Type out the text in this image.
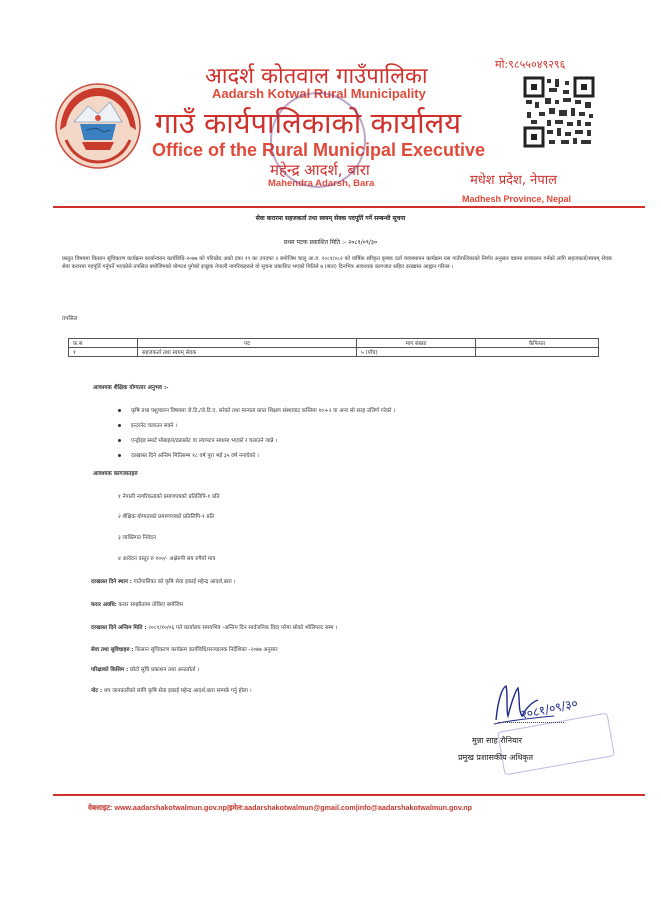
आदर्श कोतवाल गाउँपालिका
Aadarsh Kotwal Rural Municipality
गाउँ कार्यपालिकाको कार्यालय
Office of the Rural Municipal Executive
महेन्द्र आदर्श, बारा
Mahendra Adarsh, Bara
मो:९८५५०४९२९६
मधेश प्रदेश, नेपाल
Madhesh Province, Nepal
सेवा करारमा सहजकर्ता तथा स्वयम् सेवक पदपूर्ति गर्ने सम्बन्धी सूचना
प्रथम पटक प्रकाशित मिति :- २०८१/०९/३०
प्रस्तुत विषयमा किसान सूचिकरण कार्यक्रम कार्यान्वयन कार्यविधि-२०७७ को परिच्छेद अको दफा १९ का उपदफा २ बमोजिम चालु आ.व. २०८१/०८२ को वार्षिक स्वीकृत कृषक दर्ता व्यवस्थापन कार्यक्रम यस गाउँपालिकाको निर्णय अनुसार वडामा सञ्चालन गर्नको लागि सहजकर्ता/स्वयम् सेवक सेवा करारमा पदपूर्ति गर्नुपर्ने भएकोले तपसिल बमोजिमको योग्यता पुगेको इच्छुक नेपाली नागरिकहरुले यो सूचना प्रकाशित भएको मितिले ७ (सात) दिनभित्र आवश्यक कागजात सहित दरखास्त आह्वान गरिन्छ ।
तपसिल
क.स	पद	माग संख्या	कैफियत
१	सहजकर्ता तथा स्वयम् सेवक	५ (पाँच)	
आवश्यक शैक्षिक योग्यतार अनुभव :-
कृषि तथा पशुपालन विषयमा जे.टि./जे.टि.ए. सरेको तथा मान्यता प्राप्त शिक्षण संस्थावाट कम्तिमा १०+२ वा अन्य सो सरह उत्तिर्ण गरेको ।
इन्टरनेट चलाउन सक्ने ।
एन्ड्रोइड स्मार्ट मोबाइल/ट्याब्लेट वा ल्यापटप साथमा भएको र चलाउने जान्ने ।
दरखास्त दिने अन्तिम मितिसम्म १८ वर्ष पुरा भई ३५ वर्ष ननाघेको ।
आवश्यक कागजातहरु
१ नेपाली नागरिकताको प्रमाणपत्रको प्रतिलिपि-१ प्रति
२ शैक्षिक योग्यताको प्रमाणपत्रको प्रतिलिपि-१ प्रति
३ व्यक्तिगत निवेदन
४ आवेदन दस्तुर रु १००/- अक्षेरुपी सय रुपैयाँ मात्र
दरखास्त दिने स्थान : गाउँपालिका को कृषि सेवा इकाई महेन्द्र आदर्श,बारा ।
करार अवधि: करार सम्झौतामा तोकिए बमोजिम
दरखास्त दिने अन्तिम मिति : २०८१/१०/०६ गते कार्यालय समयभित्र -अन्तिम दिन सार्वजनिक विदा परेमा सोको भोलिपल्ट सम्म ।
सेवा तथा सुविधाहरु : किसान सूचिकरण कार्यक्रम कार्यविधि/सञ्चालक निर्देशिका -२०७७ अनुसार
परिक्षाको किसिम : छोटो सुचि प्रकाशन तथा अन्तर्वार्ता ।
नोट : थप जानकारीको लागि कृषि सेवा इकाई महेन्द्र आदर्श,बारा सम्पर्क गर्नु होला ।
२०८१/०९/३०
मुन्ना साह रौनियार
प्रमुख प्रशासकीय अधिकृत
वेबसाइट: www.aadarshakotwalmun.gov.np|इमेल:aadarshakotwalmun@gmail.com|info@aadarshakotwalmun.gov.np
